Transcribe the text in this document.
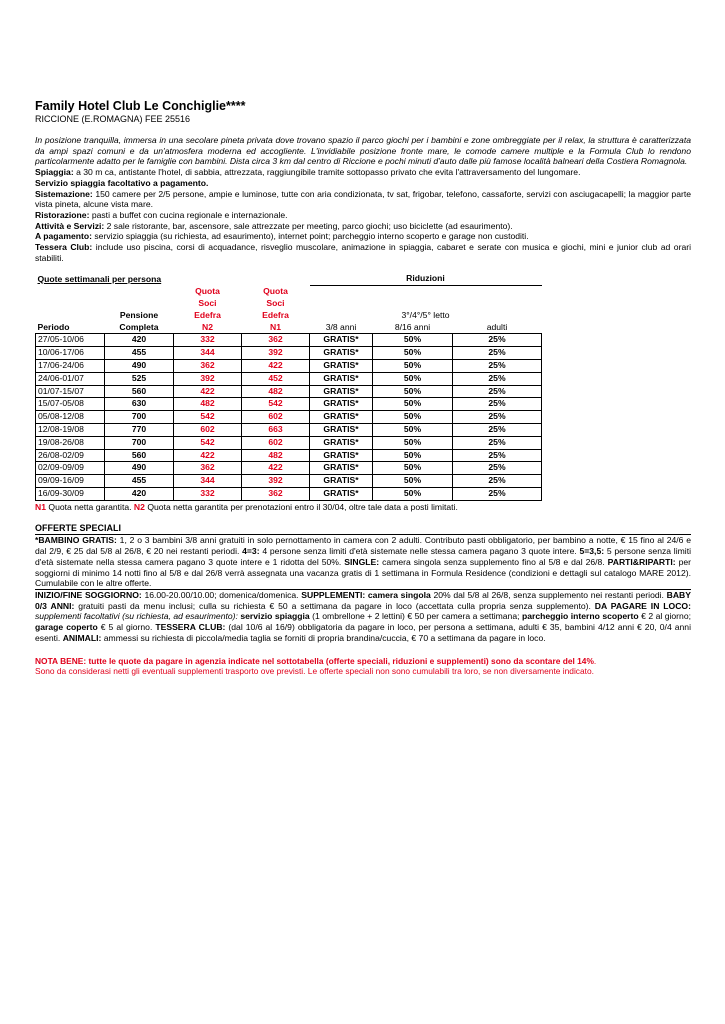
Family Hotel Club Le Conchiglie****
RICCIONE (E.ROMAGNA) FEE 25516
In posizione tranquilla, immersa in una secolare pineta privata dove trovano spazio il parco giochi per i bambini e zone ombreggiate per il relax, la struttura è caratterizzata da ampi spazi comuni e da un'atmosfera moderna ed accogliente. L'invidiabile posizione fronte mare, le comode camere multiple e la Formula Club lo rendono particolarmente adatto per le famiglie con bambini. Dista circa 3 km dal centro di Riccione e pochi minuti d'auto dalle più famose località balneari della Costiera Romagnola.
Spiaggia: a 30 m ca, antistante l'hotel, di sabbia, attrezzata, raggiungibile tramite sottopasso privato che evita l'attraversamento del lungomare.
Servizio spiaggia facoltativo a pagamento.
Sistemazione: 150 camere per 2/5 persone, ampie e luminose, tutte con aria condizionata, tv sat, frigobar, telefono, cassaforte, servizi con asciugacapelli; la maggior parte vista pineta, alcune vista mare.
Ristorazione: pasti a buffet con cucina regionale e internazionale.
Attività e Servizi: 2 sale ristorante, bar, ascensore, sale attrezzate per meeting, parco giochi; uso biciclette (ad esaurimento).
A pagamento: servizio spiaggia (su richiesta, ad esaurimento), internet point; parcheggio interno scoperto e garage non custoditi.
Tessera Club: include uso piscina, corsi di acquadance, risveglio muscolare, animazione in spiaggia, cabaret e serate con musica e giochi, mini e junior club ad orari stabiliti.
Quote settimanali per persona				Riduzioni		
		Quota	Quota			
		Soci	Soci			
	Pensione	Edefra	Edefra	3°/4°/5° letto		
Periodo	Completa	N2	N1	3/8 anni	8/16 anni	adulti
27/05-10/06	420	332	362	GRATIS*	50%	25%
10/06-17/06	455	344	392	GRATIS*	50%	25%
17/06-24/06	490	362	422	GRATIS*	50%	25%
24/06-01/07	525	392	452	GRATIS*	50%	25%
01/07-15/07	560	422	482	GRATIS*	50%	25%
15/07-05/08	630	482	542	GRATIS*	50%	25%
05/08-12/08	700	542	602	GRATIS*	50%	25%
12/08-19/08	770	602	663	GRATIS*	50%	25%
19/08-26/08	700	542	602	GRATIS*	50%	25%
26/08-02/09	560	422	482	GRATIS*	50%	25%
02/09-09/09	490	362	422	GRATIS*	50%	25%
09/09-16/09	455	344	392	GRATIS*	50%	25%
16/09-30/09	420	332	362	GRATIS*	50%	25%
N1 Quota netta garantita. N2 Quota netta garantita per prenotazioni entro il 30/04, oltre tale data a posti limitati.
OFFERTE SPECIALI
*BAMBINO GRATIS: 1, 2 o 3 bambini 3/8 anni gratuiti in solo pernottamento in camera con 2 adulti. Contributo pasti obbligatorio, per bambino a notte, € 15 fino al 24/6 e dal 2/9, € 25 dal 5/8 al 26/8, € 20 nei restanti periodi. 4=3: 4 persone senza limiti d'età sistemate nelle stessa camera pagano 3 quote intere. 5=3,5: 5 persone senza limiti d'età sistemate nella stessa camera pagano 3 quote intere e 1 ridotta del 50%. SINGLE: camera singola senza supplemento fino al 5/8 e dal 26/8. PARTI&RIPARTI: per soggiorni di minimo 14 notti fino al 5/8 e dal 26/8 verrà assegnata una vacanza gratis di 1 settimana in Formula Residence (condizioni e dettagli sul catalogo MARE 2012). Cumulabile con le altre offerte.
INIZIO/FINE SOGGIORNO: 16.00-20.00/10.00; domenica/domenica. SUPPLEMENTI: camera singola 20% dal 5/8 al 26/8, senza supplemento nei restanti periodi. BABY 0/3 ANNI: gratuiti pasti da menu inclusi; culla su richiesta € 50 a settimana da pagare in loco (accettata culla propria senza supplemento). DA PAGARE IN LOCO: supplementi facoltativi (su richiesta, ad esaurimento): servizio spiaggia (1 ombrellone + 2 lettini) € 50 per camera a settimana; parcheggio interno scoperto € 2 al giorno; garage coperto € 5 al giorno. TESSERA CLUB: (dal 10/6 al 16/9) obbligatoria da pagare in loco, per persona a settimana, adulti € 35, bambini 4/12 anni € 20, 0/4 anni esenti. ANIMALI: ammessi su richiesta di piccola/media taglia se forniti di propria brandina/cuccia, € 70 a settimana da pagare in loco.
NOTA BENE: tutte le quote da pagare in agenzia indicate nel sottotabella (offerte speciali, riduzioni e supplementi) sono da scontare del 14%.
Sono da considerasi netti gli eventuali supplementi trasporto ove previsti. Le offerte speciali non sono cumulabili tra loro, se non diversamente indicato.
